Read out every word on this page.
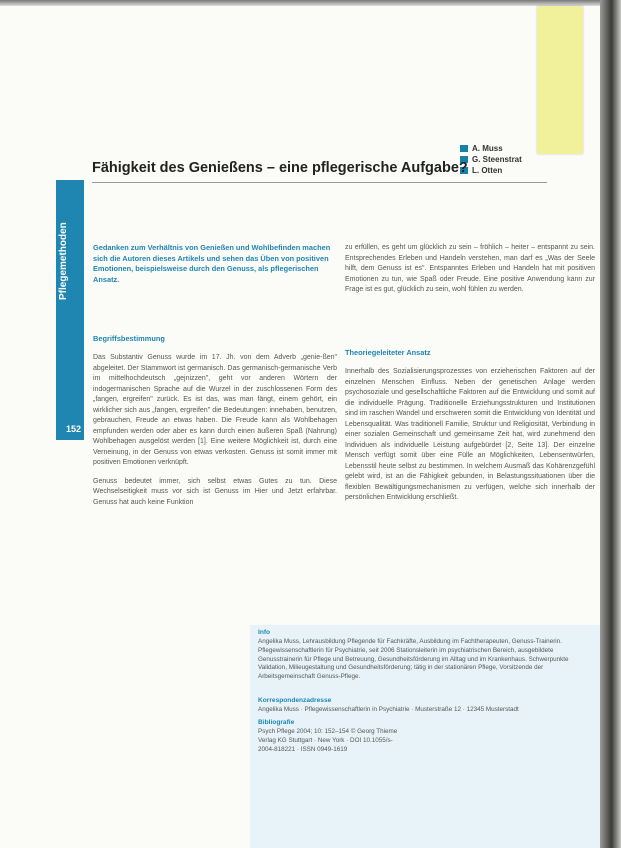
A. Muss
G. Steenstrat
L. Otten
Fähigkeit des Genießens – eine pflegerische Aufgabe?
Pflegemethoden
152
Gedanken zum Verhältnis von Genießen und Wohlbefinden machen sich die Autoren dieses Artikels und sehen das Üben von positiven Emotionen, beispielsweise durch den Genuss, als pflegerischen Ansatz.
Begriffsbestimmung

Das Substantiv Genuss wurde im 17. Jh. von dem Adverb „genie-ßen" abgeleitet. Der Stammwort ist germanisch. Das germanisch-germanische Verb im mittelhochdeutsch „gejnizzen", geht vor anderen Wörtern der indogermanischen Sprache auf die Wurzel in der zuschlossenen Form des „fangen, ergreifen" zurück. Es ist das, was man fängt, einem gehört, ein wirklicher sich aus „fangen, ergreifen" die Bedeutungen: innehaben, benutzen, gebrauchen, Freude an etwas haben. Die Freude kann als Wohlbehagen empfunden werden oder aber es kann durch einen äußeren Spaß (Nahrung) Wohlbehagen ausgelöst werden [1]. Eine weitere Möglichkeit ist, durch eine Verneinung, in der Genuss von etwas verkosten. Genuss ist somit immer mit positiven Emotionen verknüpft.

Genuss bedeutet immer, sich selbst etwas Gutes zu tun. Diese Wechselseitigkeit muss vor sich ist Genuss im Hier und Jetzt erfahrbar. Genuss hat auch keine Funktion

zu erfüllen, es geht um glücklich zu sein – fröhlich – heiter – entspannt zu sein. Entsprechendes Erleben und Handeln verstehen, man darf es „Was der Seele hilft, dem Genuss ist es". Entspanntes Erleben und Handeln hat mit positiven Emotionen zu tun, wie Spaß oder Freude. Eine positive Anwendung kann zur Frage ist es gut, glücklich zu sein, wohl fühlen zu werden.
Theoriegeleiteter Ansatz
Innerhalb des Sozialisierungsprozesses von erzieherischen Faktoren auf der einzelnen Menschen Einfluss. Neben der genetischen Anlage werden psychosoziale und gesellschaftliche Faktoren auf die Entwicklung und somit auf die individuelle Prägung. Traditionelle Erziehungsstrukturen und Institutionen sind im raschen Wandel und erschweren somit die Entwicklung von Identität und Lebensqualität. Was traditionell Familie, Struktur und Religiosität, Verbindung in einer sozialen Gemeinschaft und gemeinsame Zeit hat, wird zunehmend den Individuen als individuelle Leistung aufgebürdet [2, Seite 13]. Der einzelne Mensch verfügt somit über eine Fülle an Möglichkeiten, Lebensentwürfen, Lebensstil heute selbst zu bestimmen. In welchem Ausmaß das Kohärenzgefühl gelebt wird, ist an die Fähigkeit gebunden, in Belastungssituationen über die flexiblen Bewältigungsmechanismen zu verfügen, welche sich innerhalb der persönlichen Entwicklung erschließt.
Info
Angelika Muss, Lehrausbildung Pflegende für Fachkräfte, Ausbildung im Fachtherapeuten, Genuss-Trainerin. Pflegewissenschaftlerin für Psychiatrie, seit 2006 Stationsleiterin im psychiatrischen Bereich, ausgebildete Genusstrainerin für Pflege und Betreuung, Gesundheitsförderung im Alltag und im Krankenhaus. Schwerpunkte Validation, Milieugestaltung und Gesundheitsförderung; tätig in der stationären Pflege, Vorsitzende der Arbeitsgemeinschaft Genuss-Pflege.
Korrespondenzadresse
Angelika Muss · Pflegewissenschaftlerin in Psychiatrie · Musterstraße 12 · 12345 Musterstadt
Bibliografie
Psych Pflege 2004; 10: 152–154 © Georg Thieme Verlag KG Stuttgart · New York · DOI 10.1055/s-2004-818221 · ISSN 0949-1619
